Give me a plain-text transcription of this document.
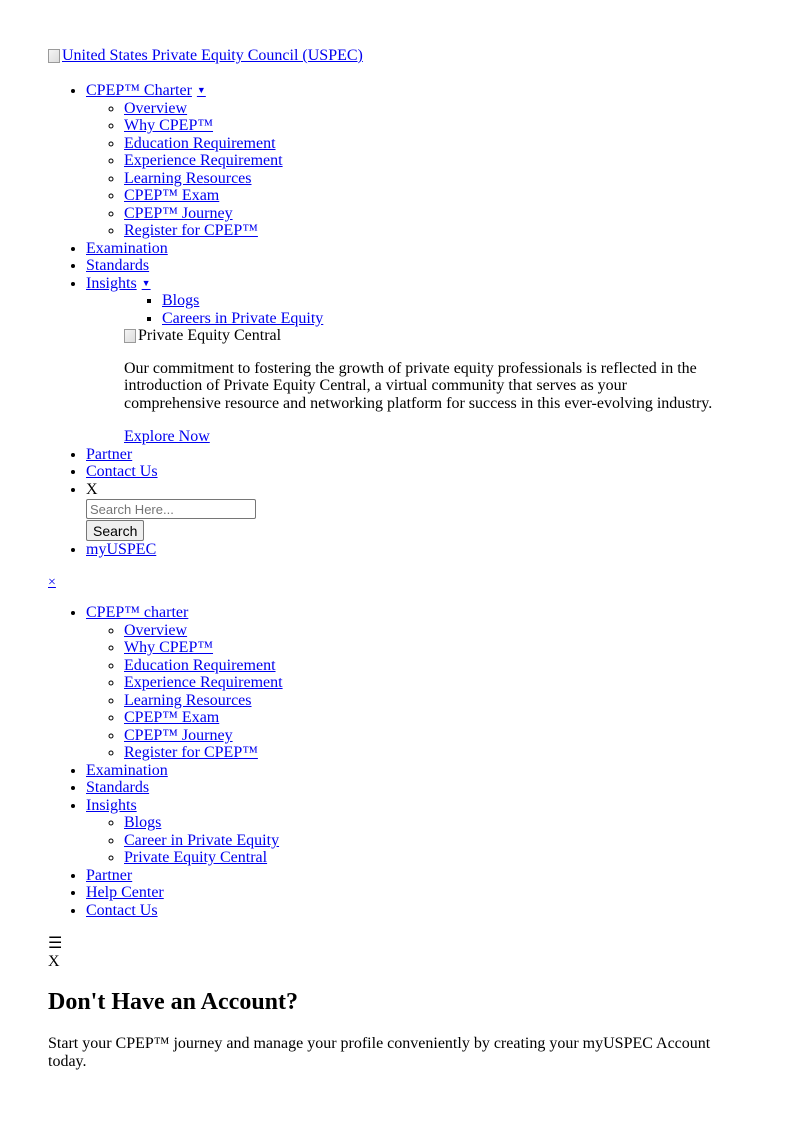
United States Private Equity Council (USPEC)
• CPEP™ Charter ▼
◦ Overview
◦ Why CPEP™
◦ Education Requirement
◦ Experience Requirement
◦ Learning Resources
◦ CPEP™ Exam
◦ CPEP™ Journey
◦ Register for CPEP™
• Examination
• Standards
• Insights ▼
▪ Blogs
▪ Careers in Private Equity
Private Equity Central

Our commitment to fostering the growth of private equity professionals is reflected in the introduction of Private Equity Central, a virtual community that serves as your comprehensive resource and networking platform for success in this ever-evolving industry.

Explore Now
• Partner
• Contact Us
• X
Search Here...
Search
• myUSPEC
×
• CPEP™ charter
◦ Overview
◦ Why CPEP™
◦ Education Requirement
◦ Experience Requirement
◦ Learning Resources
◦ CPEP™ Exam
◦ CPEP™ Journey
◦ Register for CPEP™
• Examination
• Standards
• Insights
◦ Blogs
◦ Career in Private Equity
◦ Private Equity Central
• Partner
• Help Center
• Contact Us
☰
X
Don't Have an Account?

Start your CPEP™ journey and manage your profile conveniently by creating your myUSPEC Account today.
